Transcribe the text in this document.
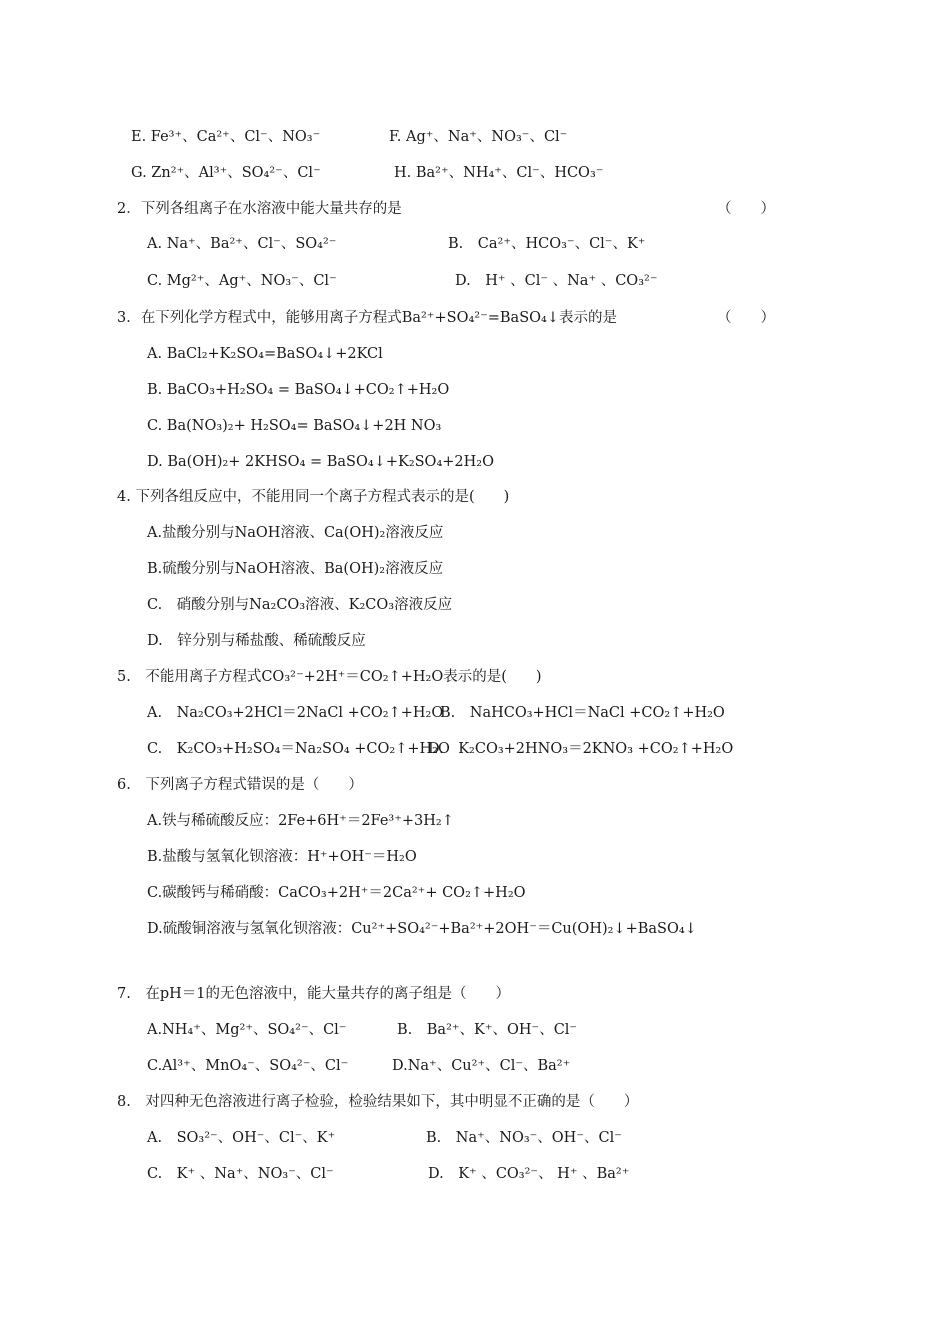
E. Fe³⁺、Ca²⁺、Cl⁻、NO₃⁻	F. Ag⁺、Na⁺、NO₃⁻、Cl⁻
G. Zn²⁺、Al³⁺、SO₄²⁻、Cl⁻	H. Ba²⁺、NH₄⁺、Cl⁻、HCO₃⁻
2．下列各组离子在水溶液中能大量共存的是	（　　）
A. Na⁺、Ba²⁺、Cl⁻、SO₄²⁻	B.　Ca²⁺、HCO₃⁻、Cl⁻、K⁺
C. Mg²⁺、Ag⁺、NO₃⁻、Cl⁻	D.　H⁺ 、Cl⁻ 、Na⁺ 、CO₃²⁻
3．在下列化学方程式中，能够用离子方程式Ba²⁺+SO₄²⁻=BaSO₄↓表示的是	（　　）
A. BaCl₂+K₂SO₄=BaSO₄↓+2KCl
B. BaCO₃+H₂SO₄ = BaSO₄↓+CO₂↑+H₂O
C. Ba(NO₃)₂+ H₂SO₄= BaSO₄↓+2H NO₃
D. Ba(OH)₂+ 2KHSO₄ = BaSO₄↓+K₂SO₄+2H₂O
4. 下列各组反应中，不能用同一个离子方程式表示的是(　　)
A.盐酸分别与NaOH溶液、Ca(OH)₂溶液反应
B.硫酸分别与NaOH溶液、Ba(OH)₂溶液反应
C.　硝酸分别与Na₂CO₃溶液、K₂CO₃溶液反应
D.　锌分别与稀盐酸、稀硫酸反应
5.　不能用离子方程式CO₃²⁻+2H⁺＝CO₂↑+H₂O表示的是(　　)
A.　Na₂CO₃+2HCl＝2NaCl +CO₂↑+H₂O
B.　NaHCO₃+HCl＝NaCl +CO₂↑+H₂O
C.　K₂CO₃+H₂SO₄＝Na₂SO₄ +CO₂↑+H₂O
D.　K₂CO₃+2HNO₃＝2KNO₃ +CO₂↑+H₂O
6.　下列离子方程式错误的是（　　）
A.铁与稀硫酸反应：2Fe+6H⁺＝2Fe³⁺+3H₂↑
B.盐酸与氢氧化钡溶液：H⁺+OH⁻＝H₂O
C.碳酸钙与稀硝酸：CaCO₃+2H⁺＝2Ca²⁺+ CO₂↑+H₂O
D.硫酸铜溶液与氢氧化钡溶液：Cu²⁺+SO₄²⁻+Ba²⁺+2OH⁻＝Cu(OH)₂↓+BaSO₄↓
7.　在pH＝1的无色溶液中，能大量共存的离子组是（　　）
A.NH₄⁺、Mg²⁺、SO₄²⁻、Cl⁻	B.　Ba²⁺、K⁺、OH⁻、Cl⁻
C.Al³⁺、MnO₄⁻、SO₄²⁻、Cl⁻	D.Na⁺、Cu²⁺、Cl⁻、Ba²⁺
8.　对四种无色溶液进行离子检验，检验结果如下，其中明显不正确的是（　　）
A.　SO₃²⁻、OH⁻、Cl⁻、K⁺	B.　Na⁺、NO₃⁻、OH⁻、Cl⁻
C.　K⁺ 、Na⁺、NO₃⁻、Cl⁻	D.　K⁺ 、CO₃²⁻、 H⁺ 、Ba²⁺
